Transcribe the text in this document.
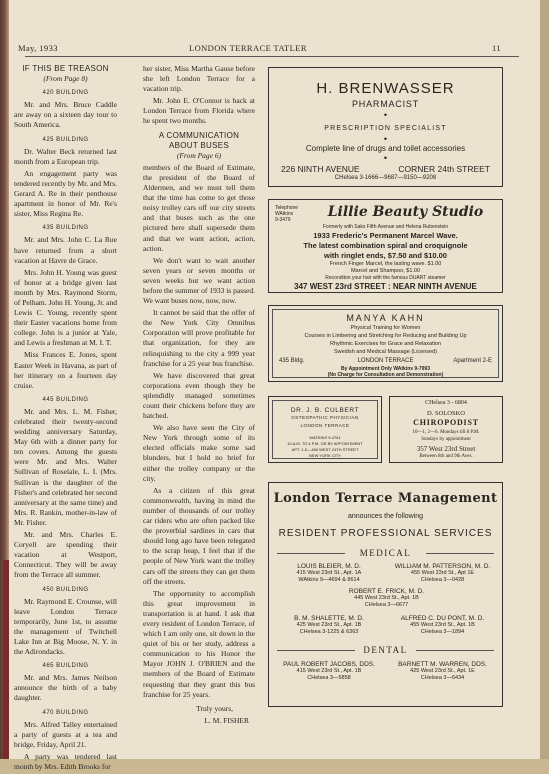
May, 1933	LONDON TERRACE TATLER	11

IF THIS BE TREASON

(From Page 8)

420 BUILDING

Mr. and Mrs. Bruce Caddle are away on a sixteen day tour to South America.

425 BUILDING

Dr. Walter Beck returned last month from a European trip.

An engagement party was tendered recently by Mr. and Mrs. Gerard A. Re in their penthouse apartment in honor of Mr. Re's sister, Miss Regina Re.

435 BUILDING

Mr. and Mrs. John C. La Rue have returned from a short vacation at Havre de Grace.

Mrs. John H. Young was guest of honor at a bridge given last month by Mrs. Raymond Storm, of Pelham. John H. Young, Jr. and Lewis C. Young, recently spent their Easter vacations home from college. John is a junior at Yale, and Lewis a freshman at M. I. T.

Miss Frances E. Jones, spent Easter Week in Havana, as part of her itinerary on a fourteen day cruise.

445 BUILDING

Mr. and Mrs. L. M. Fisher, celebrated their twenty-second wedding anniversary Saturday, May 6th with a dinner party for ten covers. Among the guests were Mr. and Mrs. Walter Sullivan of Roselale, L. I. (Mrs. Sullivan is the daughter of the Fisher's and celebrated her second anniversary at the same time) and Mrs. R. Rankin, mother-in-law of Mr. Fisher.

Mr. and Mrs. Charles E. Coryell are spending their vacation at Westport, Connecticut. They will be away from the Terrace all summer.

450 BUILDING

Mr. Raymond E. Crounse, will leave London Terrace temporarily, June 1st, to assume the management of Twitchell Lake Inn at Big Moose, N. Y. in the Adirondacks.

465 BUILDING

Mr. and Mrs. James Neilson announce the birth of a baby daughter.

470 BUILDING

Mrs. Alfred Talley entertained a party of guests at a tea and bridge, Friday, April 21.

A party was tendered last month by Mrs. Edith Brooks for

her sister, Miss Martha Gause before she left London Terrace for a vacation trip.

Mr. John E. O'Connor is back at London Terrace from Florida where he spent two months.

A COMMUNICATION

ABOUT BUSES

(From Page 6)

members of the Board of Estimate, the president of the Board of Aldermen, and we must tell them that the time has come to get those noisy trolley cars off our city streets and that buses such as the one pictured here shall supersede them and that we want action, action, action.

We don't want to wait another seven years or seven months or seven weeks but we want action before the summer of 1933 is passed. We want buses now, now, now.

It cannot be said that the offer of the New York City Omnibus Corporation will prove profitable for that organization, for they are relinquishing to the city a 999 year franchise for a 25 year bus franchise.

We have discovered that great corporations even though they be splendidly managed sometimes count their chickens before they are hatched.

We also have seen the City of New York through some of its elected officials make some sad blunders, but I hold no brief for either the trolley company or the city.

As a citizen of this great commonwealth, having in mind the number of thousands of our trolley car riders who are often packed like the proverbial sardines in cars that should long ago have been relegated to the scrap heap, I feel that if the people of New York want the trolley cars off the streets they can get them off the streets.

The opportunity to accomplish this great improvement in transportation is at hand. I ask that every resident of London Terrace, of which I am only one, sit down in the quiet of his or her study, address a communication to his Honor the Mayor JOHN J. O'BRIEN and the members of the Board of Estimate requesting that they grant this bus franchise for 25 years.

Truly yours,

L. M. FISHER

H. BRENWASSER
PHARMACIST
•
PRESCRIPTION SPECIALIST
•
Complete line of drugs and toilet accessories
•
226 NINTH AVENUE	CORNER 24th STREET
CHelsea 3-1666—9687—9150—9208
Telephone
WAtkins
9-3479	Lillie Beauty Studio
Formerly with Saks Fifth Avenue and Helena Rubenstein
1933 Frederic's Permanent Marcel Wave.
The latest combination spiral and croquignole
with ringlet ends, $7.50 and $10.00
French Finger Marcel, the lasting wave. $1.00
Marcel and Shampoo, $1.00
Reconditon your hair with the famous DUART steamer
347 WEST 23rd STREET : NEAR NINTH AVENUE
MANYA KAHN
Physical Training for Women
Courses in Limbering and Stretching for Reducing and Building Up
Rhythmic Exercises for Grace and Relaxation
Swedish and Medical Massage (Licensed)
435 Bldg.	LONDON TERRACE	Apartment 2-E
By Appointment Only WAtkins 9-7993
(No Charge for Consultation and Demonstration)
DR. J. B. CULBERT
OSTEOPATHIC PHYSICIAN
LONDON TERRACE
WATKINS 9-4761
10 A.M. TO 4 P.M. OR BY APPOINTMENT
APT. 1-E—460 WEST 24TH STREET
NEW YORK CITY
CHelsea 3 - 6804
D. SOLOSKO
CHIROPODIST
10—1, 2—6. Mondays till 8 P.M.
Sundays by appointment
357 West 23rd Street
Between 8th and 9th Aves.
London Terrace Management
announces the following
RESIDENT PROFESSIONAL SERVICES
MEDICAL
LOUIS BLEIER, M. D.
415 West 23rd St., Apt. 1A
WAtkins 9—4694 & 8614
WILLIAM M. PATTERSON, M. D.
455 West 23rd St., Apt 1E
CHelsea 3—0428
ROBERT E. FRICK, M. D.
445 West 23rd St., Apt. 1B
CHelsea 3—6677
B. M. SHALETTE, M. D.
425 West 23rd St., Apt. 1B
CHelsea 3-1225 & 6363
ALFRED C. DU PONT, M. D.
455 West 23rd St., Apt. 1B
CHelsea 3—1894
DENTAL
PAUL ROBERT JACOBS, DDS.
415 West 23rd St., Apt. 1B
CHelsea 3—5858
BARNETT M. WARREN, DDS.
425 West 23rd St., Apt. 1E
CHelsea 3—6434
